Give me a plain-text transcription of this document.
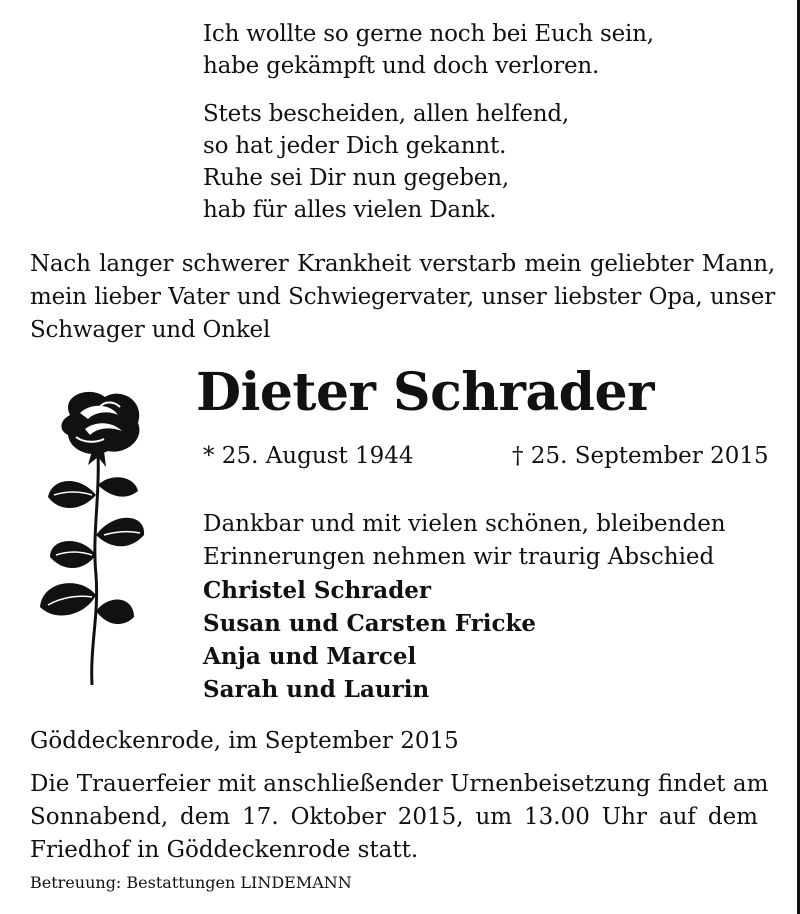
Ich wollte so gerne noch bei Euch sein,
habe gekämpft und doch verloren.
Stets bescheiden, allen helfend,
so hat jeder Dich gekannt.
Ruhe sei Dir nun gegeben,
hab für alles vielen Dank.
Nach langer schwerer Krankheit verstarb mein geliebter Mann,
mein lieber Vater und Schwiegervater, unser liebster Opa, unser
Schwager und Onkel
Dieter Schrader
* 25. August 1944	† 25. September 2015
Dankbar und mit vielen schönen, bleibenden
Erinnerungen nehmen wir traurig Abschied
Christel Schrader
Susan und Carsten Fricke
Anja und Marcel
Sarah und Laurin
Göddeckenrode, im September 2015
Die Trauerfeier mit anschließender Urnenbeisetzung findet am
Sonnabend, dem 17. Oktober 2015, um 13.00 Uhr auf dem
Friedhof in Göddeckenrode statt.
Betreuung: Bestattungen LINDEMANN
